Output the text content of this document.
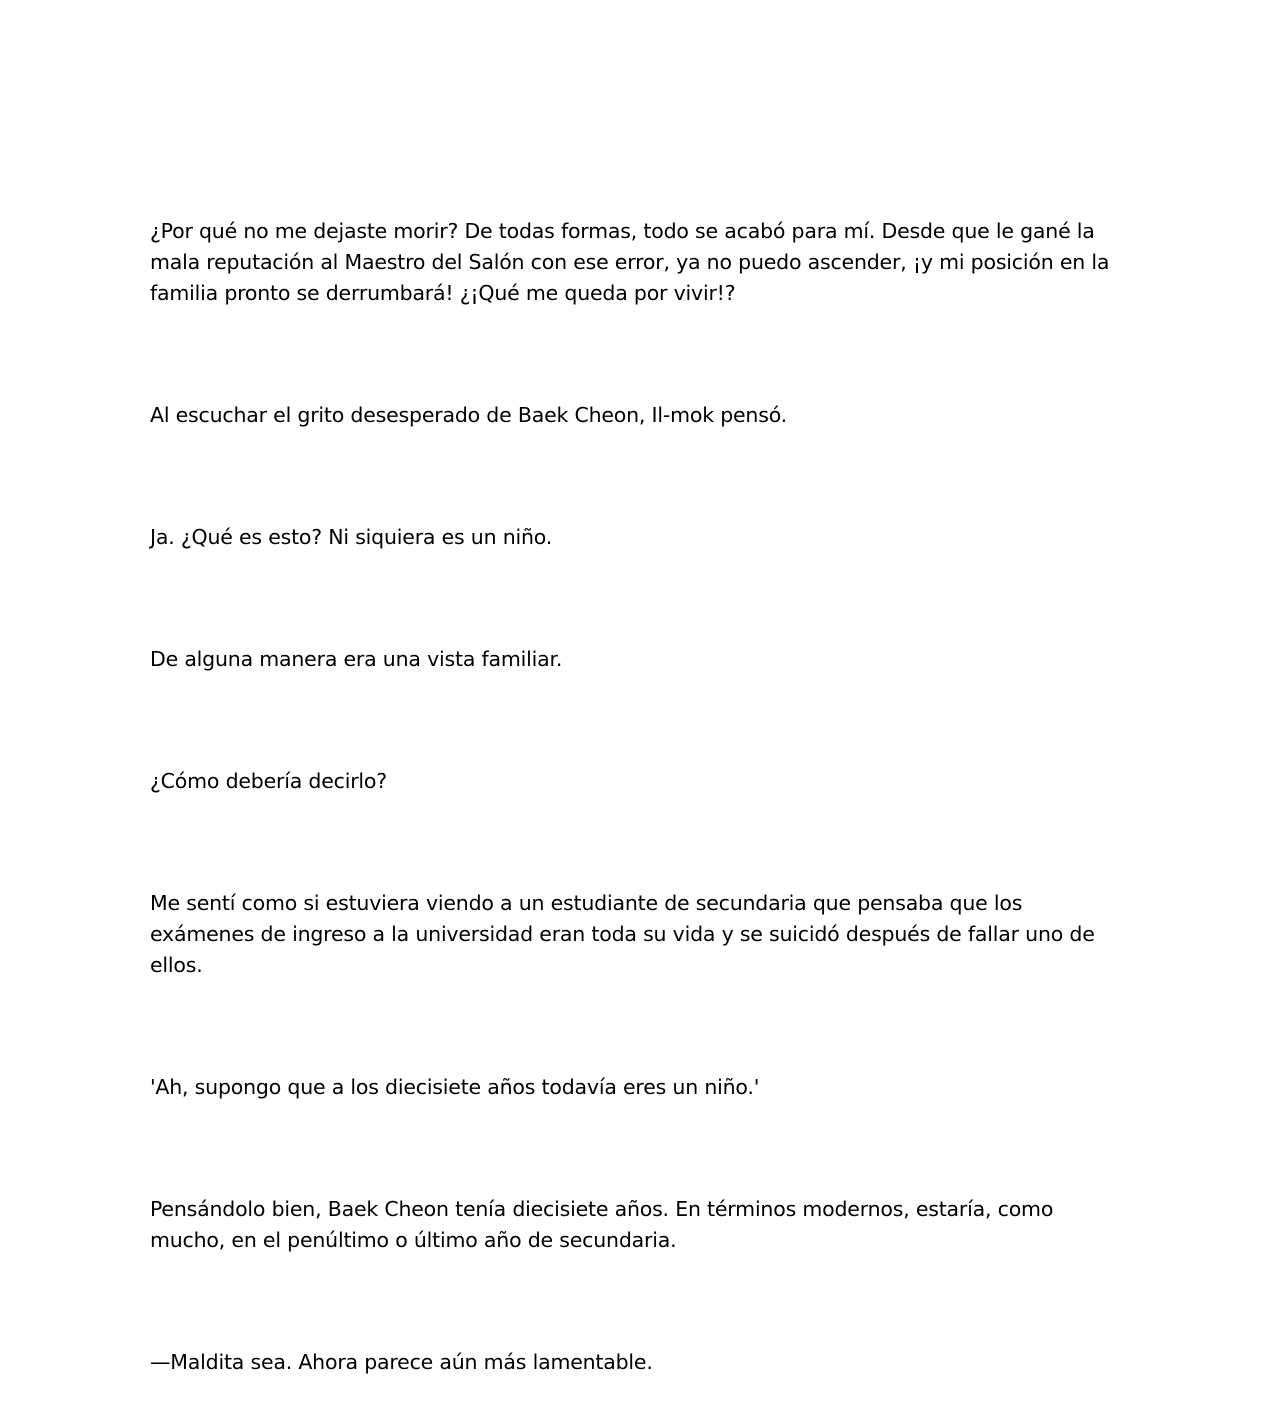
¿Por qué no me dejaste morir? De todas formas, todo se acabó para mí. Desde que le gané la mala reputación al Maestro del Salón con ese error, ya no puedo ascender, ¡y mi posición en la familia pronto se derrumbará! ¿¡Qué me queda por vivir!?

Al escuchar el grito desesperado de Baek Cheon, Il-mok pensó.

Ja. ¿Qué es esto? Ni siquiera es un niño.

De alguna manera era una vista familiar.

¿Cómo debería decirlo?

Me sentí como si estuviera viendo a un estudiante de secundaria que pensaba que los exámenes de ingreso a la universidad eran toda su vida y se suicidó después de fallar uno de ellos.

'Ah, supongo que a los diecisiete años todavía eres un niño.'

Pensándolo bien, Baek Cheon tenía diecisiete años. En términos modernos, estaría, como mucho, en el penúltimo o último año de secundaria.

—Maldita sea. Ahora parece aún más lamentable.
